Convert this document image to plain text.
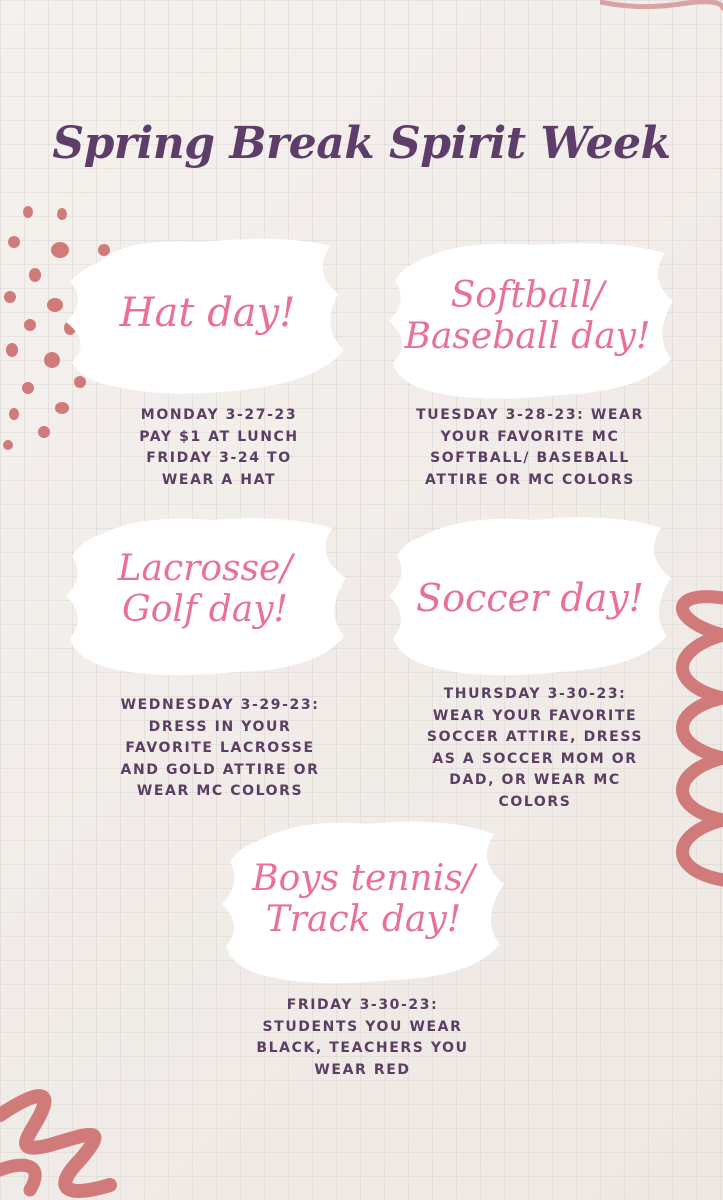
Spring Break Spirit Week
Hat day!
MONDAY 3-27-23
PAY $1 AT LUNCH
FRIDAY 3-24 TO
WEAR A HAT
Softball/
Baseball day!
TUESDAY 3-28-23: WEAR
YOUR FAVORITE MC
SOFTBALL/ BASEBALL
ATTIRE OR MC COLORS
Lacrosse/
Golf day!
WEDNESDAY 3-29-23:
DRESS IN YOUR
FAVORITE LACROSSE
AND GOLD ATTIRE OR
WEAR MC COLORS
Soccer day!
THURSDAY 3-30-23:
WEAR YOUR FAVORITE
SOCCER ATTIRE, DRESS
AS A SOCCER MOM OR
DAD, OR WEAR MC
COLORS
Boys tennis/
Track day!
FRIDAY 3-30-23:
STUDENTS YOU WEAR
BLACK, TEACHERS YOU
WEAR RED
